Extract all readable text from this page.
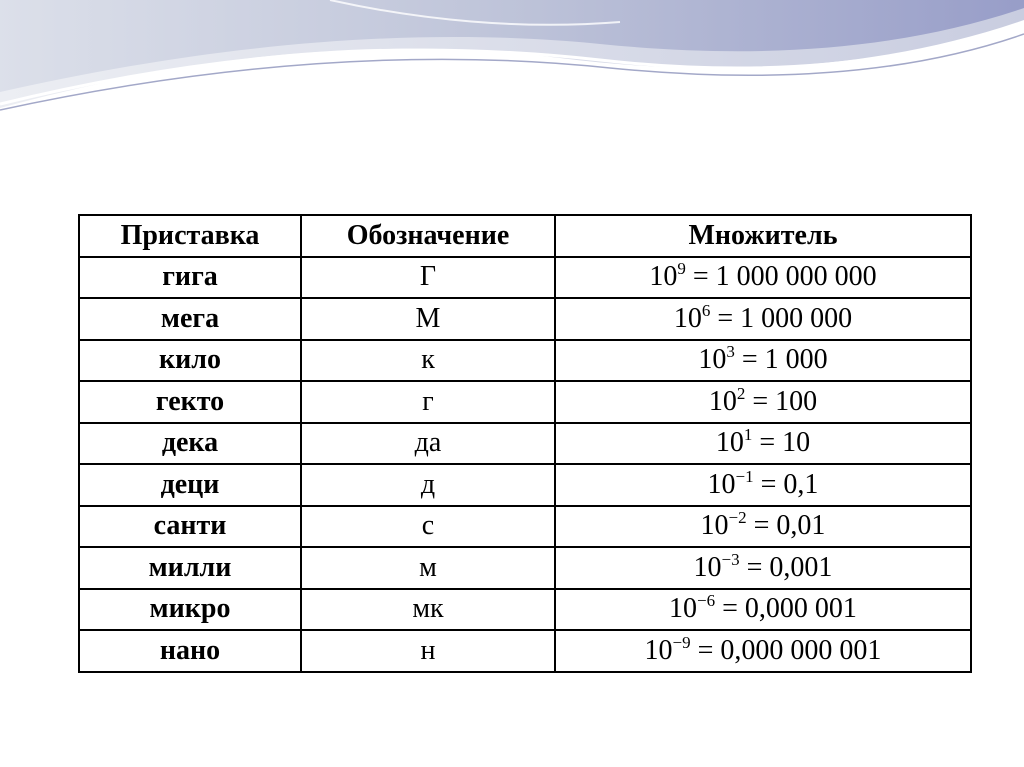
Приставка	Обозначение	Множитель
гига	Г	$10^9 = 1$ 000 000 000
мега	М	$10^6 = 1$ 000 000
кило	к	$10^3 = 1$ 000
гекто	г	$10^2 = 100$
дека	да	$10^1 = 10$
деци	д	$10^{-1} = 0,1$
санти	с	$10^{-2} = 0,01$
милли	м	$10^{-3} = 0,001$
микро	мк	$10^{-6} = 0,000$ 001
нано	н	$10^{-9} = 0,000$ 000 001
